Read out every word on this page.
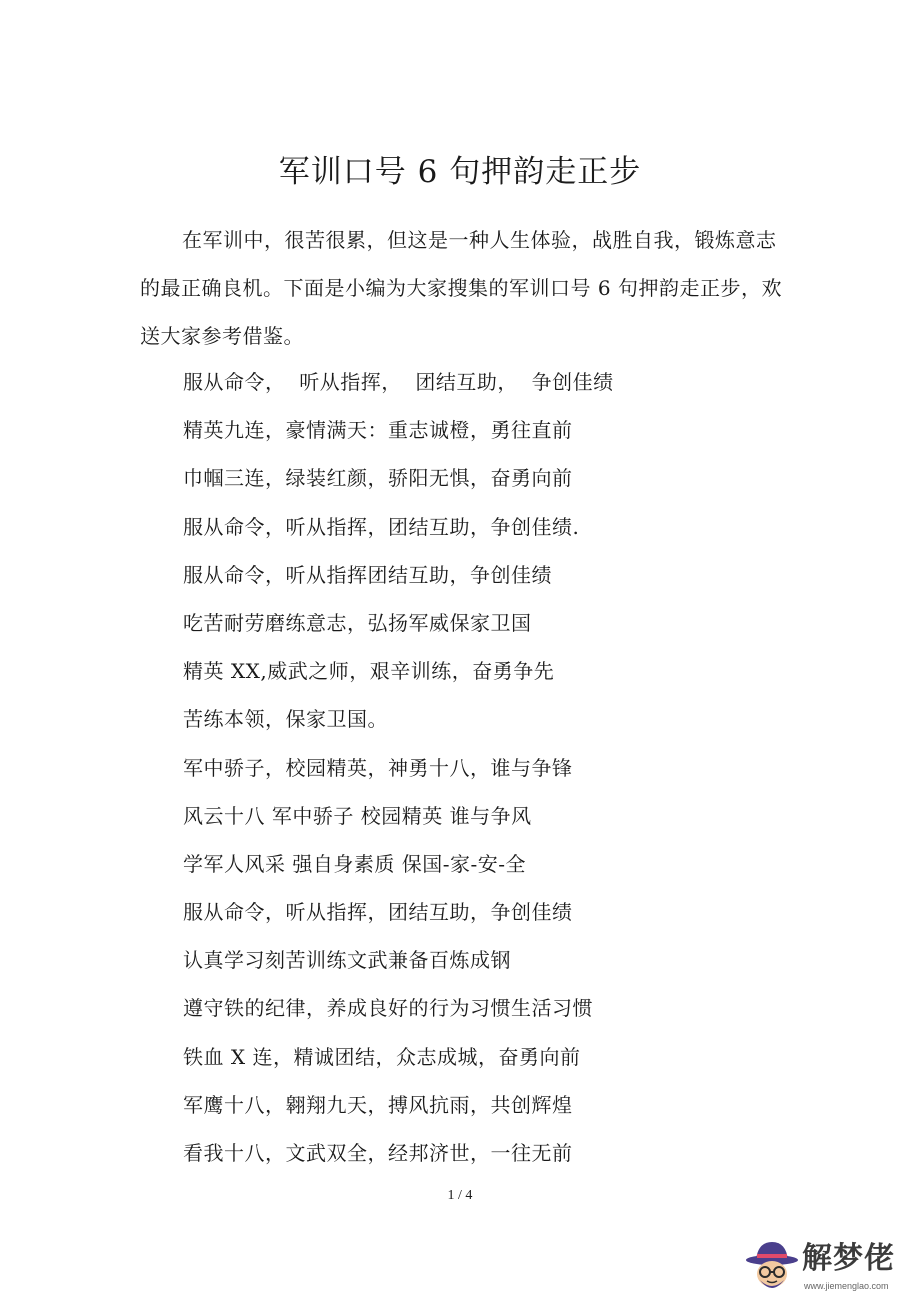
军训口号 6 句押韵走正步

在军训中，很苦很累，但这是一种人生体验，战胜自我，锻炼意志的最正确良机。下面是小编为大家搜集的军训口号 6 句押韵走正步，欢送大家参考借鉴。

服从命令，  听从指挥，  团结互助，  争创佳绩
精英九连，豪情满天：重志诚橙，勇往直前
巾帼三连，绿装红颜，骄阳无惧，奋勇向前
服从命令，听从指挥，团结互助，争创佳绩.
服从命令，听从指挥团结互助，争创佳绩
吃苦耐劳磨练意志，弘扬军威保家卫国
精英 XX,威武之师，艰辛训练，奋勇争先
苦练本领，保家卫国。
军中骄子，校园精英，神勇十八，谁与争锋
风云十八 军中骄子 校园精英 谁与争风
学军人风采 强自身素质 保国-家-安-全
服从命令，听从指挥，团结互助，争创佳绩
认真学习刻苦训练文武兼备百炼成钢
遵守铁的纪律，养成良好的行为习惯生活习惯
铁血 X 连，精诚团结，众志成城，奋勇向前
军鹰十八，翱翔九天，搏风抗雨，共创辉煌
看我十八，文武双全，经邦济世，一往无前
1 / 4
解梦佬
www.jiemenglao.com
